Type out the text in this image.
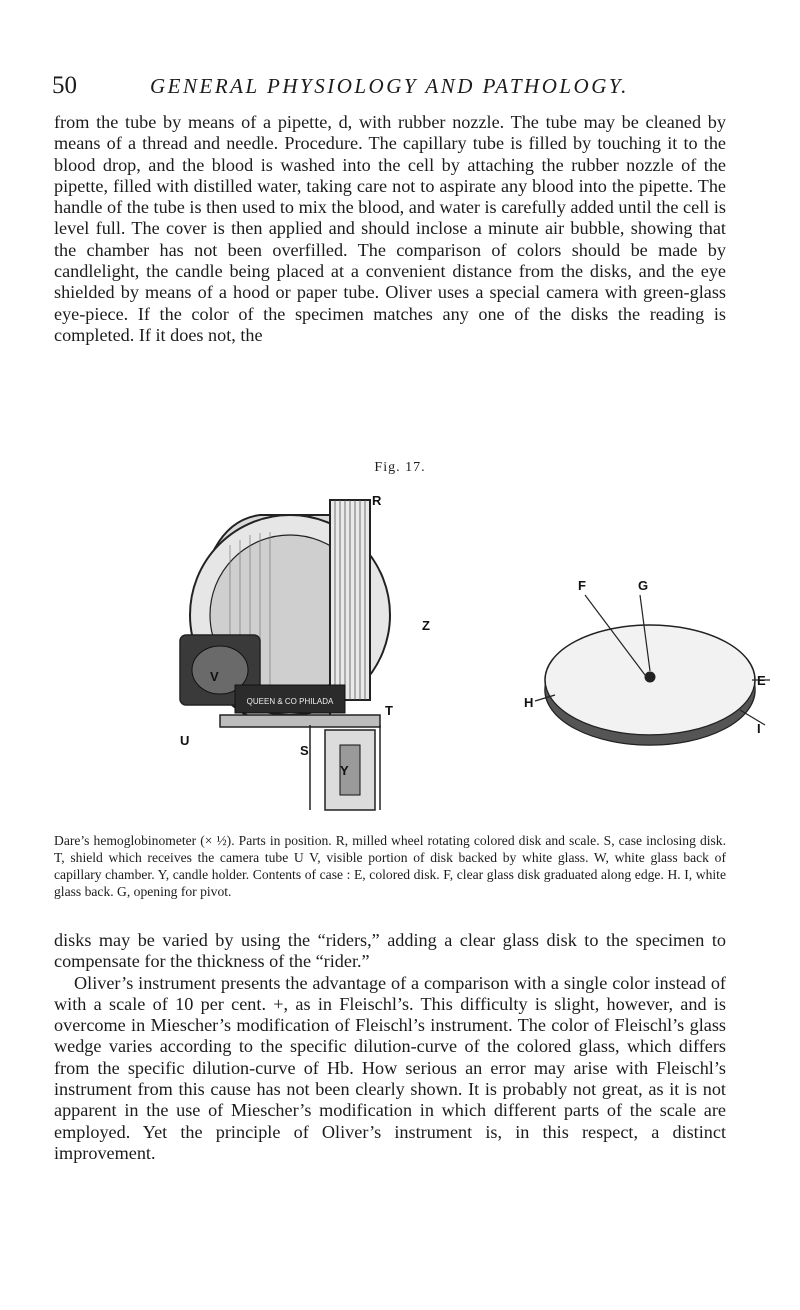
50	GENERAL PHYSIOLOGY AND PATHOLOGY.

from the tube by means of a pipette, d, with rubber nozzle. The tube may be cleaned by means of a thread and needle. Procedure. The capillary tube is filled by touching it to the blood drop, and the blood is washed into the cell by attaching the rubber nozzle of the pipette, filled with distilled water, taking care not to aspirate any blood into the pipette. The handle of the tube is then used to mix the blood, and water is carefully added until the cell is level full. The cover is then applied and should inclose a minute air bubble, showing that the chamber has not been overfilled. The comparison of colors should be made by candlelight, the candle being placed at a convenient distance from the disks, and the eye shielded by means of a hood or paper tube. Oliver uses a special camera with green-glass eye-piece. If the color of the specimen matches any one of the disks the reading is completed. If it does not, the

Fig. 17.
R
Z
V
U
S
T
Y
QUEEN & CO PHILADA
F	G
E
H
I
Dare’s hemoglobinometer (× ½). Parts in position. R, milled wheel rotating colored disk and scale. S, case inclosing disk. T, shield which receives the camera tube U V, visible portion of disk backed by white glass. W, white glass back of capillary chamber. Y, candle holder. Contents of case : E, colored disk. F, clear glass disk graduated along edge. H. I, white glass back. G, opening for pivot.

disks may be varied by using the “riders,” adding a clear glass disk to the specimen to compensate for the thickness of the “rider.”

Oliver’s instrument presents the advantage of a comparison with a single color instead of with a scale of 10 per cent. +, as in Fleischl’s. This difficulty is slight, however, and is overcome in Miescher’s modification of Fleischl’s instrument. The color of Fleischl’s glass wedge varies according to the specific dilution-curve of the colored glass, which differs from the specific dilution-curve of Hb. How serious an error may arise with Fleischl’s instrument from this cause has not been clearly shown. It is probably not great, as it is not apparent in the use of Miescher’s modification in which different parts of the scale are employed. Yet the principle of Oliver’s instrument is, in this respect, a distinct improvement.
